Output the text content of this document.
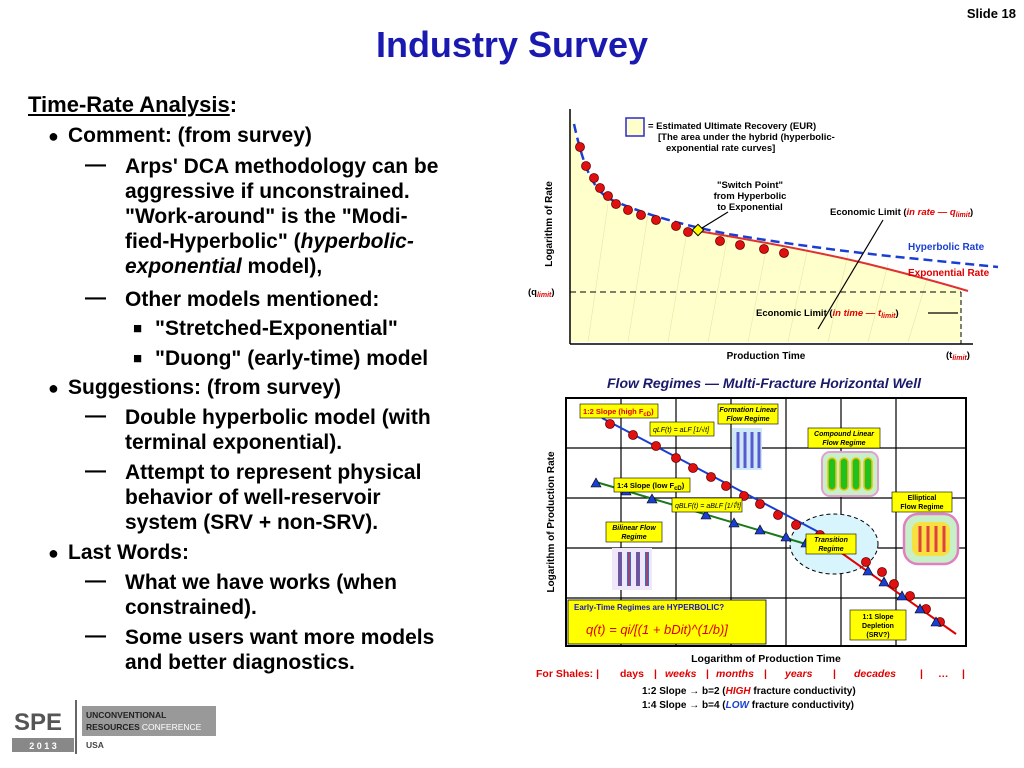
Slide 18
Industry Survey
Time-Rate Analysis:
● Comment: (from survey)
— Arps' DCA methodology can be
aggressive if unconstrained.
"Work-around" is the "Modi-
fied-Hyperbolic" (hyperbolic-
exponential model),
— Other models mentioned:
■ "Stretched-Exponential"
■ "Duong" (early-time) model
● Suggestions: (from survey)
— Double hyperbolic model (with
terminal exponential).
— Attempt to represent physical
behavior of well-reservoir
system (SRV + non-SRV).
● Last Words:
— What we have works (when
constrained).
— Some users want more models
and better diagnostics.
= Estimated Ultimate Recovery (EUR)
[The area under the hybrid (hyperbolic-
exponential rate curves]
"Switch Point"
from Hyperbolic
to Exponential	Economic Limit (in rate — $q_{limit}$)
Hyperbolic Rate
Exponential Rate
$(q_{limit})$
Economic Limit (in time — $t_{limit}$)
$(t_{limit})$
Production Time
Logarithm of Rate
Flow Regimes — Multi-Fracture Horizontal Well
1:2 Slope (high $F_{cD}$)
1:4 Slope (low $F_{cD}$)
qLF(t) = aLF [1/√t]
qBLF(t) = aBLF [1/∜t]
Formation Linear
Flow Regime
Compound Linear
Flow Regime
Bilinear Flow
Regime
Elliptical
Flow Regime
Transition
Regime
1:1 Slope
Depletion
(SRV?)
Early-Time Regimes are HYPERBOLIC?
q(t) = qi/[(1 + bDit)^(1/b)]
Logarithm of Production Rate
Logarithm of Production Time
For Shales: | days | weeks | months | years | decades | … |
1:2 Slope → b=2 (HIGH fracture conductivity)
1:4 Slope → b=4 (LOW fracture conductivity)
SPE
2 0 1 3
UNCONVENTIONAL
RESOURCES CONFERENCE
USA
